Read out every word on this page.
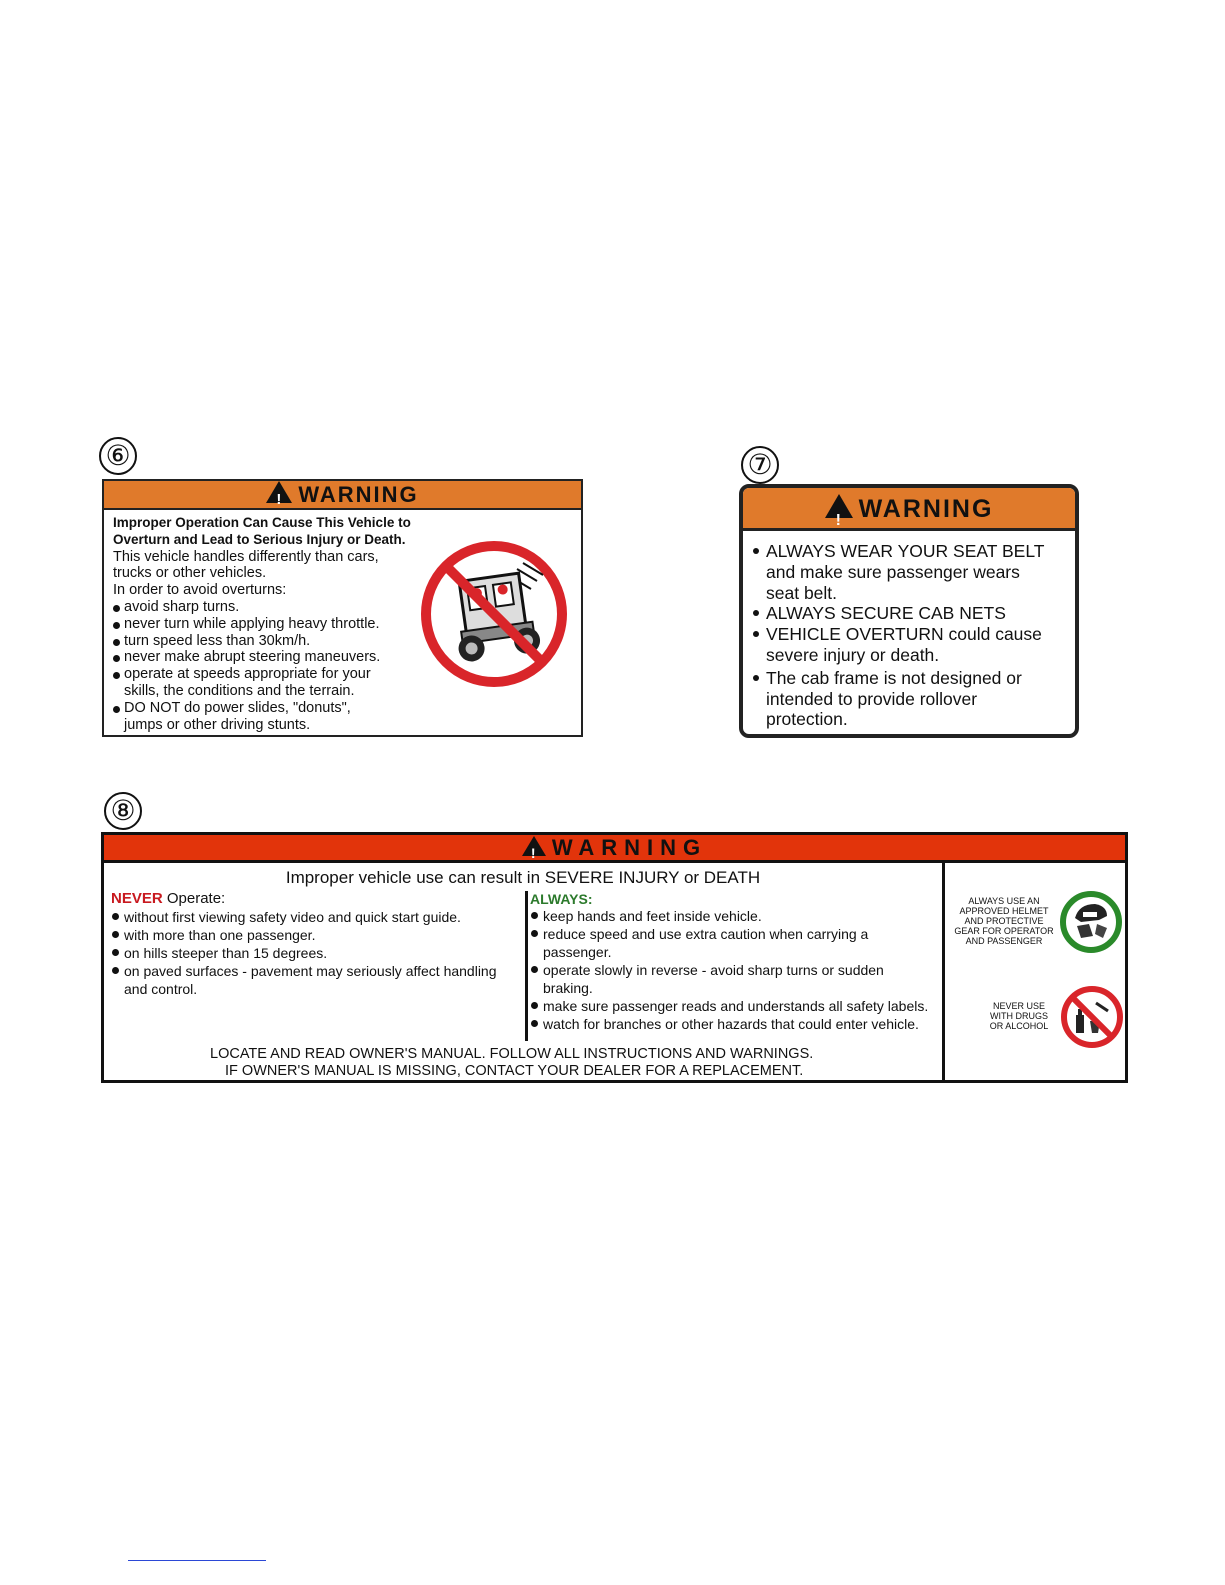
⑥
!WARNING
Improper Operation Can Cause This Vehicle to
Overturn and Lead to Serious Injury or Death.
This vehicle handles differently than cars,
trucks or other vehicles.
In order to avoid overturns:
avoid sharp turns.
never turn while applying heavy throttle.
turn speed less than 30km/h.
never make abrupt steering maneuvers.
operate at speeds appropriate for your
skills, the conditions and the terrain.
DO NOT do power slides, "donuts",
jumps or other driving stunts.
⑦
!WARNING
ALWAYS WEAR YOUR SEAT BELT
and make sure passenger wears
seat belt.
ALWAYS SECURE CAB NETS
VEHICLE OVERTURN could cause
severe injury or death.
The cab frame is not designed or
intended to provide rollover
protection.
⑧
!WARNING
Improper vehicle use can result in SEVERE INJURY or DEATH
NEVER Operate:
without first viewing safety video and quick start guide.
with more than one passenger.
on hills steeper than 15 degrees.
on paved surfaces - pavement may seriously affect handling
and control.
ALWAYS:
keep hands and feet inside vehicle.
reduce speed and use extra caution when carrying a
passenger.
operate slowly in reverse - avoid sharp turns or sudden
braking.
make sure passenger reads and understands all safety labels.
watch for branches or other hazards that could enter vehicle.
LOCATE AND READ OWNER'S MANUAL. FOLLOW ALL INSTRUCTIONS AND WARNINGS.
IF OWNER'S MANUAL IS MISSING, CONTACT YOUR DEALER FOR A REPLACEMENT.
ALWAYS USE AN
APPROVED HELMET
AND PROTECTIVE
GEAR FOR OPERATOR
AND PASSENGER
NEVER USE
WITH DRUGS
OR ALCOHOL
